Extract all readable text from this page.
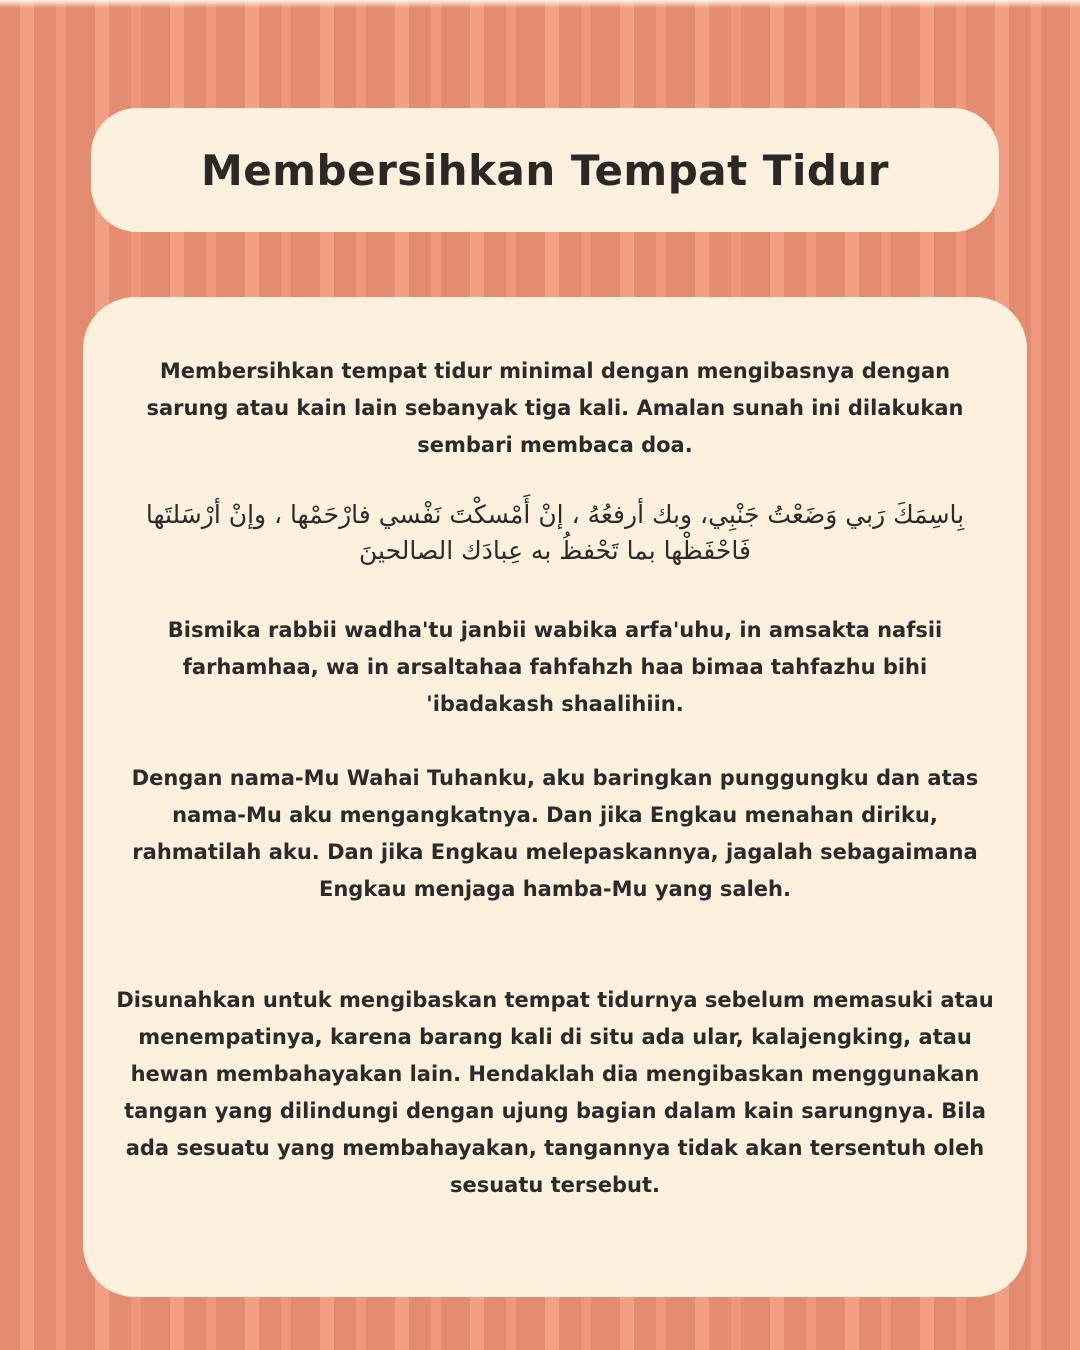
Membersihkan Tempat Tidur

Membersihkan tempat tidur minimal dengan mengibasnya dengan sarung atau kain lain sebanyak tiga kali. Amalan sunah ini dilakukan sembari membaca doa.

بِاسِمَكَ رَبي وَضَعْتُ جَنْبِي، وبك أرفعُهُ ، إنْ أَمْسكْتَ نَفْسي فارْحَمْها ، وإنْ أرْسَلتَها فَاحْفَظْها بما تَحْفظُ به عِبادَك الصالحينَ

Bismika rabbii wadha'tu janbii wabika arfa'uhu, in amsakta nafsii farhamhaa, wa in arsaltahaa fahfahzh haa bimaa tahfazhu bihi 'ibadakash shaalihiin.

Dengan nama-Mu Wahai Tuhanku, aku baringkan punggungku dan atas nama-Mu aku mengangkatnya. Dan jika Engkau menahan diriku, rahmatilah aku. Dan jika Engkau melepaskannya, jagalah sebagaimana Engkau menjaga hamba-Mu yang saleh.

Disunahkan untuk mengibaskan tempat tidurnya sebelum memasuki atau menempatinya, karena barang kali di situ ada ular, kalajengking, atau hewan membahayakan lain. Hendaklah dia mengibaskan menggunakan tangan yang dilindungi dengan ujung bagian dalam kain sarungnya. Bila ada sesuatu yang membahayakan, tangannya tidak akan tersentuh oleh sesuatu tersebut.
